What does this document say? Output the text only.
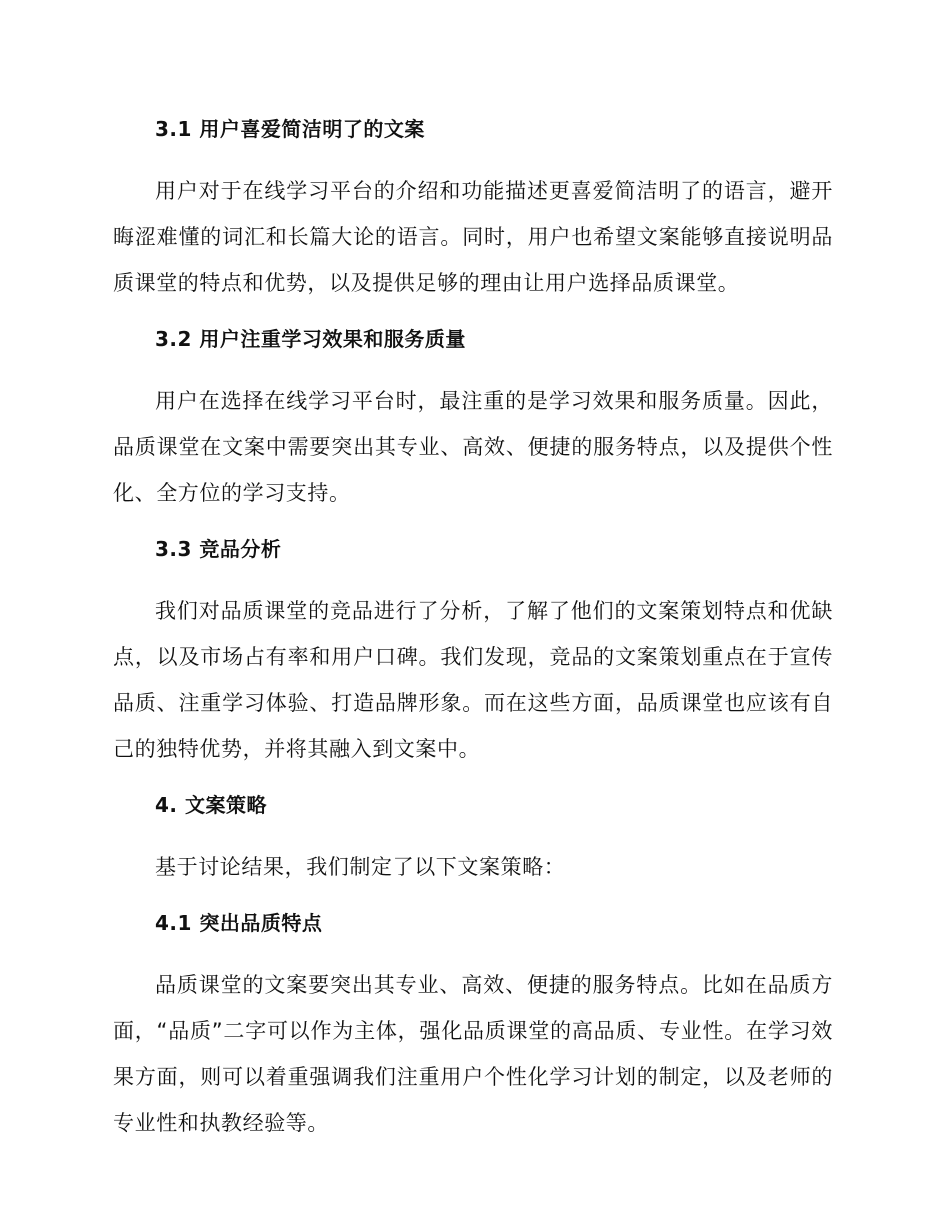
3.1 用户喜爱简洁明了的文案

用户对于在线学习平台的介绍和功能描述更喜爱简洁明了的语言，避开晦涩难懂的词汇和长篇大论的语言。同时，用户也希望文案能够直接说明品质课堂的特点和优势，以及提供足够的理由让用户选择品质课堂。

3.2 用户注重学习效果和服务质量

用户在选择在线学习平台时，最注重的是学习效果和服务质量。因此，品质课堂在文案中需要突出其专业、高效、便捷的服务特点，以及提供个性化、全方位的学习支持。

3.3 竞品分析

我们对品质课堂的竞品进行了分析，了解了他们的文案策划特点和优缺点，以及市场占有率和用户口碑。我们发现，竞品的文案策划重点在于宣传品质、注重学习体验、打造品牌形象。而在这些方面，品质课堂也应该有自己的独特优势，并将其融入到文案中。

4. 文案策略

基于讨论结果，我们制定了以下文案策略：

4.1 突出品质特点

品质课堂的文案要突出其专业、高效、便捷的服务特点。比如在品质方面，“品质”二字可以作为主体，强化品质课堂的高品质、专业性。在学习效果方面，则可以着重强调我们注重用户个性化学习计划的制定，以及老师的专业性和执教经验等。
